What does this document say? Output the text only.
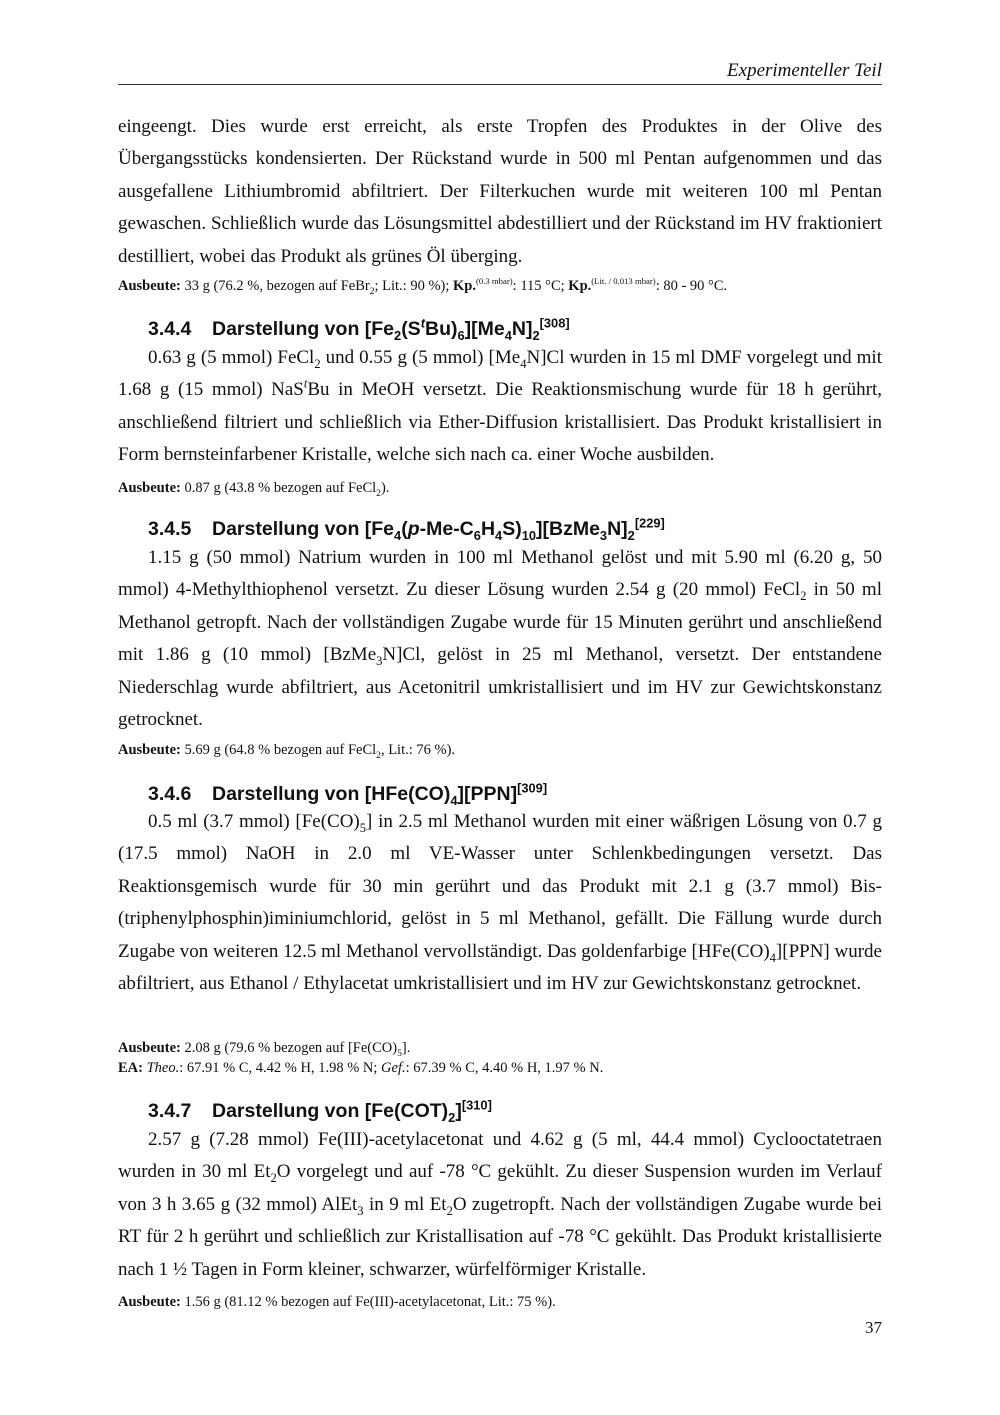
Experimenteller Teil

eingeengt. Dies wurde erst erreicht, als erste Tropfen des Produktes in der Olive des Übergangsstücks kondensierten. Der Rückstand wurde in 500 ml Pentan aufgenommen und das ausgefallene Lithiumbromid abfiltriert. Der Filterkuchen wurde mit weiteren 100 ml Pentan gewaschen. Schließlich wurde das Lösungsmittel abdestilliert und der Rückstand im HV fraktioniert destilliert, wobei das Produkt als grünes Öl überging.

Ausbeute: 33 g (76.2 %, bezogen auf FeBr$_2$; Lit.: 90 %); Kp.$^{(0.3 mbar)}$: 115 °C; Kp.$^{(Lit. / 0.013 mbar)}$: 80 - 90 °C.

3.4.4 Darstellung von $[Fe_2(S^tBu)_6][Me_4N]_2[308]$

0.63 g (5 mmol) FeCl$_2$ und 0.55 g (5 mmol) $[Me_4N]Cl$ wurden in 15 ml DMF vorgelegt und mit 1.68 g (15 mmol) NaS$^t$Bu in MeOH versetzt. Die Reaktionsmischung wurde für 18 h gerührt, anschließend filtriert und schließlich via Ether-Diffusion kristallisiert. Das Produkt kristallisiert in Form bernsteinfarbener Kristalle, welche sich nach ca. einer Woche ausbilden.

Ausbeute: 0.87 g (43.8 % bezogen auf FeCl$_2$).

3.4.5 Darstellung von $[Fe_4(p-Me-C_6H_4S)_{10}][BzMe_3N]_2[229]$

1.15 g (50 mmol) Natrium wurden in 100 ml Methanol gelöst und mit 5.90 ml (6.20 g, 50 mmol) 4-Methylthiophenol versetzt. Zu dieser Lösung wurden 2.54 g (20 mmol) FeCl$_2$ in 50 ml Methanol getropft. Nach der vollständigen Zugabe wurde für 15 Minuten gerührt und anschließend mit 1.86 g (10 mmol) [BzMe$_3$N]Cl, gelöst in 25 ml Methanol, versetzt. Der entstandene Niederschlag wurde abfiltriert, aus Acetonitril umkristallisiert und im HV zur Gewichtskonstanz getrocknet.

Ausbeute: 5.69 g (64.8 % bezogen auf FeCl$_2$, Lit.: 76 %).

3.4.6 Darstellung von $[HFe(CO)_4][PPN][309]$

0.5 ml (3.7 mmol) $[Fe(CO)_5]$ in 2.5 ml Methanol wurden mit einer wäßrigen Lösung von 0.7 g (17.5 mmol) NaOH in 2.0 ml VE-Wasser unter Schlenkbedingungen versetzt. Das Reaktionsgemisch wurde für 30 min gerührt und das Produkt mit 2.1 g (3.7 mmol) Bis-(triphenylphosphin)iminiumchlorid, gelöst in 5 ml Methanol, gefällt. Die Fällung wurde durch Zugabe von weiteren 12.5 ml Methanol vervollständigt. Das goldenfarbige $[HFe(CO)_4][PPN]$ wurde abfiltriert, aus Ethanol / Ethylacetat umkristallisiert und im HV zur Gewichtskonstanz getrocknet.

Ausbeute: 2.08 g (79.6 % bezogen auf $[Fe(CO)_5]$.

EA: Theo.: 67.91 % C, 4.42 % H, 1.98 % N; Gef.: 67.39 % C, 4.40 % H, 1.97 % N.

3.4.7 Darstellung von $[Fe(COT)_2][310]$

2.57 g (7.28 mmol) Fe(III)-acetylacetonat und 4.62 g (5 ml, 44.4 mmol) Cyclooctatetraen wurden in 30 ml $Et_2O$ vorgelegt und auf -78 °C gekühlt. Zu dieser Suspension wurden im Verlauf von 3 h 3.65 g (32 mmol) AlEt$_3$ in 9 ml $Et_2O$ zugetropft. Nach der vollständigen Zugabe wurde bei RT für 2 h gerührt und schließlich zur Kristallisation auf -78 °C gekühlt. Das Produkt kristallisierte nach 1 ½ Tagen in Form kleiner, schwarzer, würfelförmiger Kristalle.

Ausbeute: 1.56 g (81.12 % bezogen auf Fe(III)-acetylacetonat, Lit.: 75 %).

37
